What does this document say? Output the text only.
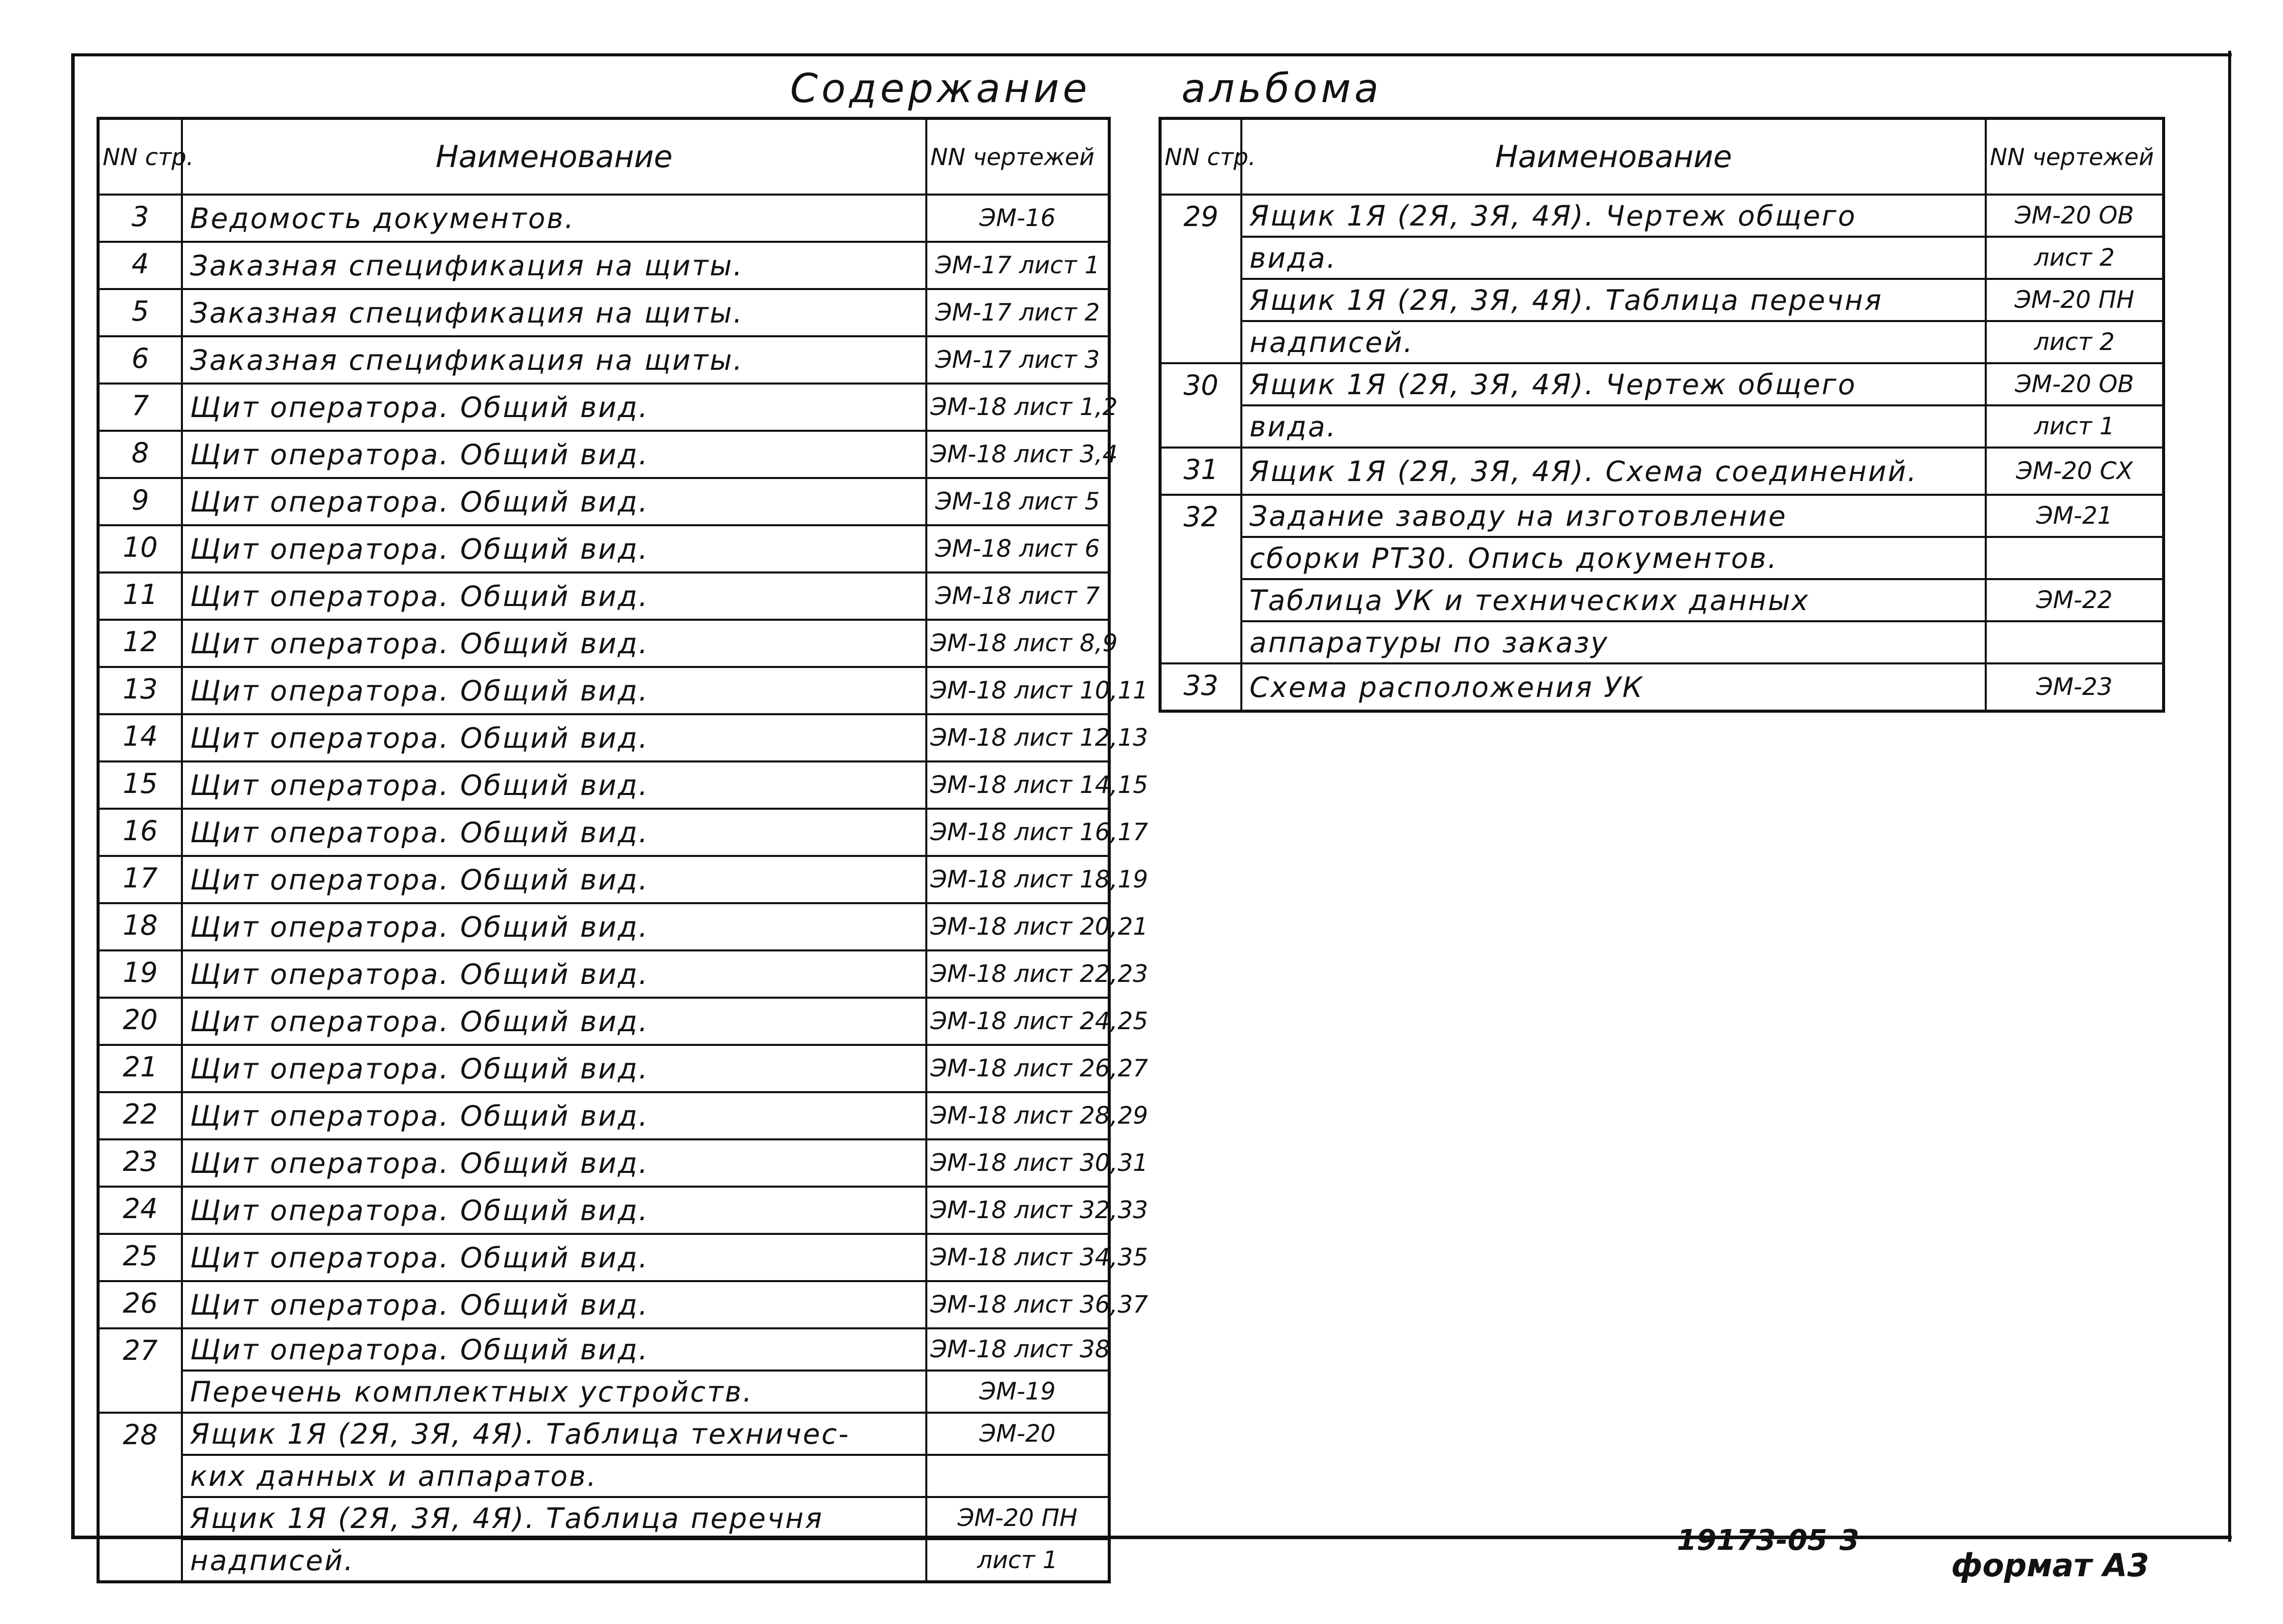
Содержание альбома
NN стр.	Наименование	NN чертежей
3	Ведомость документов.	ЭМ-16
4	Заказная спецификация на щиты.	ЭМ-17 лист 1
5	Заказная спецификация на щиты.	ЭМ-17 лист 2
6	Заказная спецификация на щиты.	ЭМ-17 лист 3
7	Щит оператора. Общий вид.	ЭМ-18 лист 1,2
8	Щит оператора. Общий вид.	ЭМ-18 лист 3,4
9	Щит оператора. Общий вид.	ЭМ-18 лист 5
10	Щит оператора. Общий вид.	ЭМ-18 лист 6
11	Щит оператора. Общий вид.	ЭМ-18 лист 7
12	Щит оператора. Общий вид.	ЭМ-18 лист 8,9
13	Щит оператора. Общий вид.	ЭМ-18 лист 10,11
14	Щит оператора. Общий вид.	ЭМ-18 лист 12,13
15	Щит оператора. Общий вид.	ЭМ-18 лист 14,15
16	Щит оператора. Общий вид.	ЭМ-18 лист 16,17
17	Щит оператора. Общий вид.	ЭМ-18 лист 18,19
18	Щит оператора. Общий вид.	ЭМ-18 лист 20,21
19	Щит оператора. Общий вид.	ЭМ-18 лист 22,23
20	Щит оператора. Общий вид.	ЭМ-18 лист 24,25
21	Щит оператора. Общий вид.	ЭМ-18 лист 26,27
22	Щит оператора. Общий вид.	ЭМ-18 лист 28,29
23	Щит оператора. Общий вид.	ЭМ-18 лист 30,31
24	Щит оператора. Общий вид.	ЭМ-18 лист 32,33
25	Щит оператора. Общий вид.	ЭМ-18 лист 34,35
26	Щит оператора. Общий вид.	ЭМ-18 лист 36,37
27	Щит оператора. Общий вид.	ЭМ-18 лист 38
	Перечень комплектных устройств.	ЭМ-19
28	Ящик 1Я (2Я, 3Я, 4Я). Таблица техничес-	ЭМ-20
	ких данных и аппаратов.	
	Ящик 1Я (2Я, 3Я, 4Я). Таблица перечня	ЭМ-20 ПН
	надписей.	лист 1
NN стр.	Наименование	NN чертежей
29	Ящик 1Я (2Я, 3Я, 4Я). Чертеж общего	ЭМ-20 ОВ
	вида.	лист 2
	Ящик 1Я (2Я, 3Я, 4Я). Таблица перечня	ЭМ-20 ПН
	надписей.	лист 2
30	Ящик 1Я (2Я, 3Я, 4Я). Чертеж общего	ЭМ-20 ОВ
	вида.	лист 1
31	Ящик 1Я (2Я, 3Я, 4Я). Схема соединений.	ЭМ-20 СХ
32	Задание заводу на изготовление	ЭМ-21
	сборки РТ30. Опись документов.	
	Таблица УК и технических данных	ЭМ-22
	аппаратуры по заказу	
33	Схема расположения УК	ЭМ-23
19173-05 3
формат А3
